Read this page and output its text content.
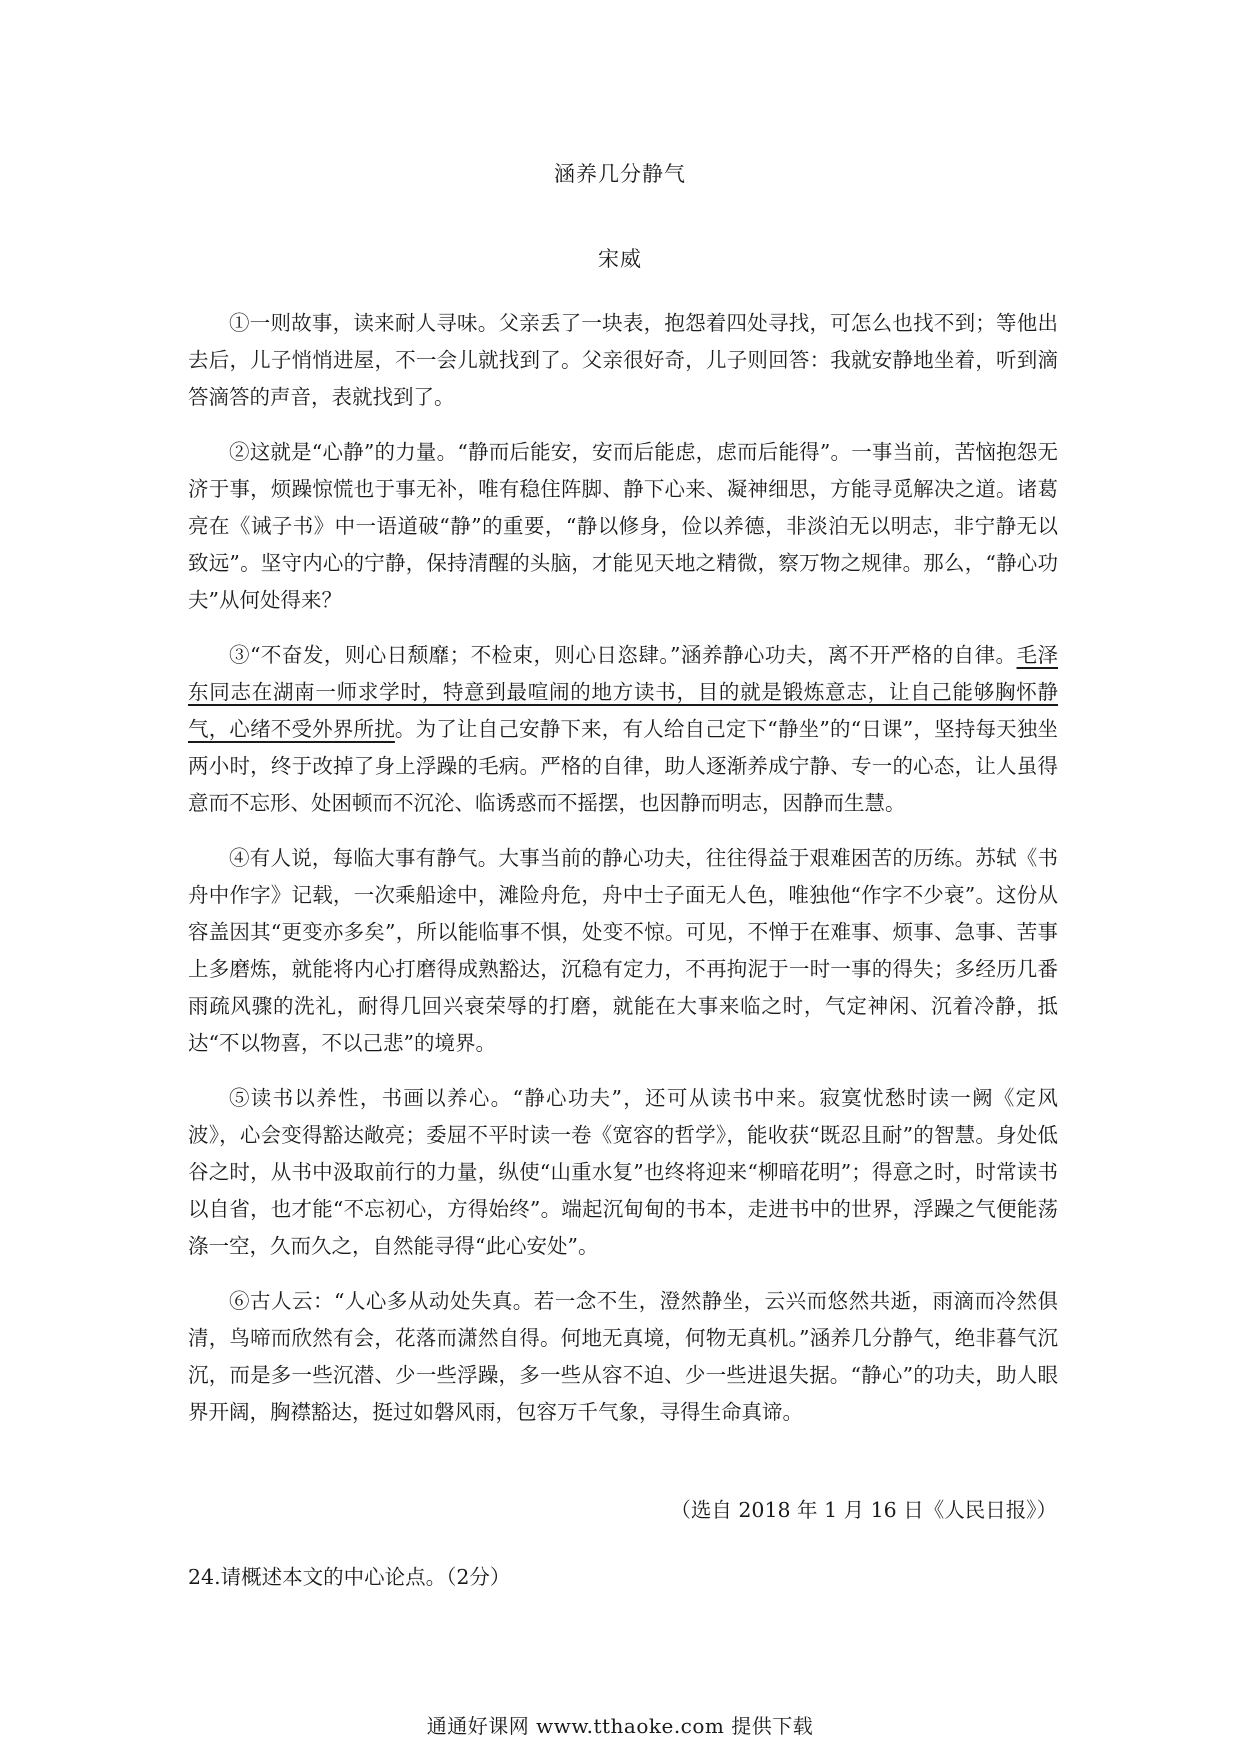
涵养几分静气
宋威

①一则故事，读来耐人寻味。父亲丢了一块表，抱怨着四处寻找，可怎么也找不到；等他出去后，儿子悄悄进屋，不一会儿就找到了。父亲很好奇，儿子则回答：我就安静地坐着，听到滴答滴答的声音，表就找到了。

②这就是“心静”的力量。“静而后能安，安而后能虑，虑而后能得”。一事当前，苦恼抱怨无济于事，烦躁惊慌也于事无补，唯有稳住阵脚、静下心来、凝神细思，方能寻觅解决之道。诸葛亮在《诫子书》中一语道破“静”的重要，“静以修身，俭以养德，非淡泊无以明志，非宁静无以致远”。坚守内心的宁静，保持清醒的头脑，才能见天地之精微，察万物之规律。那么，“静心功夫”从何处得来？

③“不奋发，则心日颓靡；不检束，则心日恣肆。”涵养静心功夫，离不开严格的自律。毛泽东同志在湖南一师求学时，特意到最喧闹的地方读书，目的就是锻炼意志，让自己能够胸怀静气，心绪不受外界所扰。为了让自己安静下来，有人给自己定下“静坐”的“日课”，坚持每天独坐两小时，终于改掉了身上浮躁的毛病。严格的自律，助人逐渐养成宁静、专一的心态，让人虽得意而不忘形、处困顿而不沉沦、临诱惑而不摇摆，也因静而明志，因静而生慧。

④有人说，每临大事有静气。大事当前的静心功夫，往往得益于艰难困苦的历练。苏轼《书舟中作字》记载，一次乘船途中，滩险舟危，舟中士子面无人色，唯独他“作字不少衰”。这份从容盖因其“更变亦多矣”，所以能临事不惧，处变不惊。可见，不惮于在难事、烦事、急事、苦事上多磨炼，就能将内心打磨得成熟豁达，沉稳有定力，不再拘泥于一时一事的得失；多经历几番雨疏风骤的洗礼，耐得几回兴衰荣辱的打磨，就能在大事来临之时，气定神闲、沉着冷静，抵达“不以物喜，不以己悲”的境界。

⑤读书以养性，书画以养心。“静心功夫”，还可从读书中来。寂寞忧愁时读一阙《定风波》，心会变得豁达敞亮；委屈不平时读一卷《宽容的哲学》，能收获“既忍且耐”的智慧。身处低谷之时，从书中汲取前行的力量，纵使“山重水复”也终将迎来“柳暗花明”；得意之时，时常读书以自省，也才能“不忘初心，方得始终”。端起沉甸甸的书本，走进书中的世界，浮躁之气便能荡涤一空，久而久之，自然能寻得“此心安处”。

⑥古人云：“人心多从动处失真。若一念不生，澄然静坐，云兴而悠然共逝，雨滴而冷然俱清，鸟啼而欣然有会，花落而潇然自得。何地无真境，何物无真机。”涵养几分静气，绝非暮气沉沉，而是多一些沉潜、少一些浮躁，多一些从容不迫、少一些进退失据。“静心”的功夫，助人眼界开阔，胸襟豁达，挺过如磐风雨，包容万千气象，寻得生命真谛。

（选自 2018 年 1 月 16 日《人民日报》）
24.请概述本文的中心论点。（2分）
通通好课网 www.tthaoke.com 提供下载
